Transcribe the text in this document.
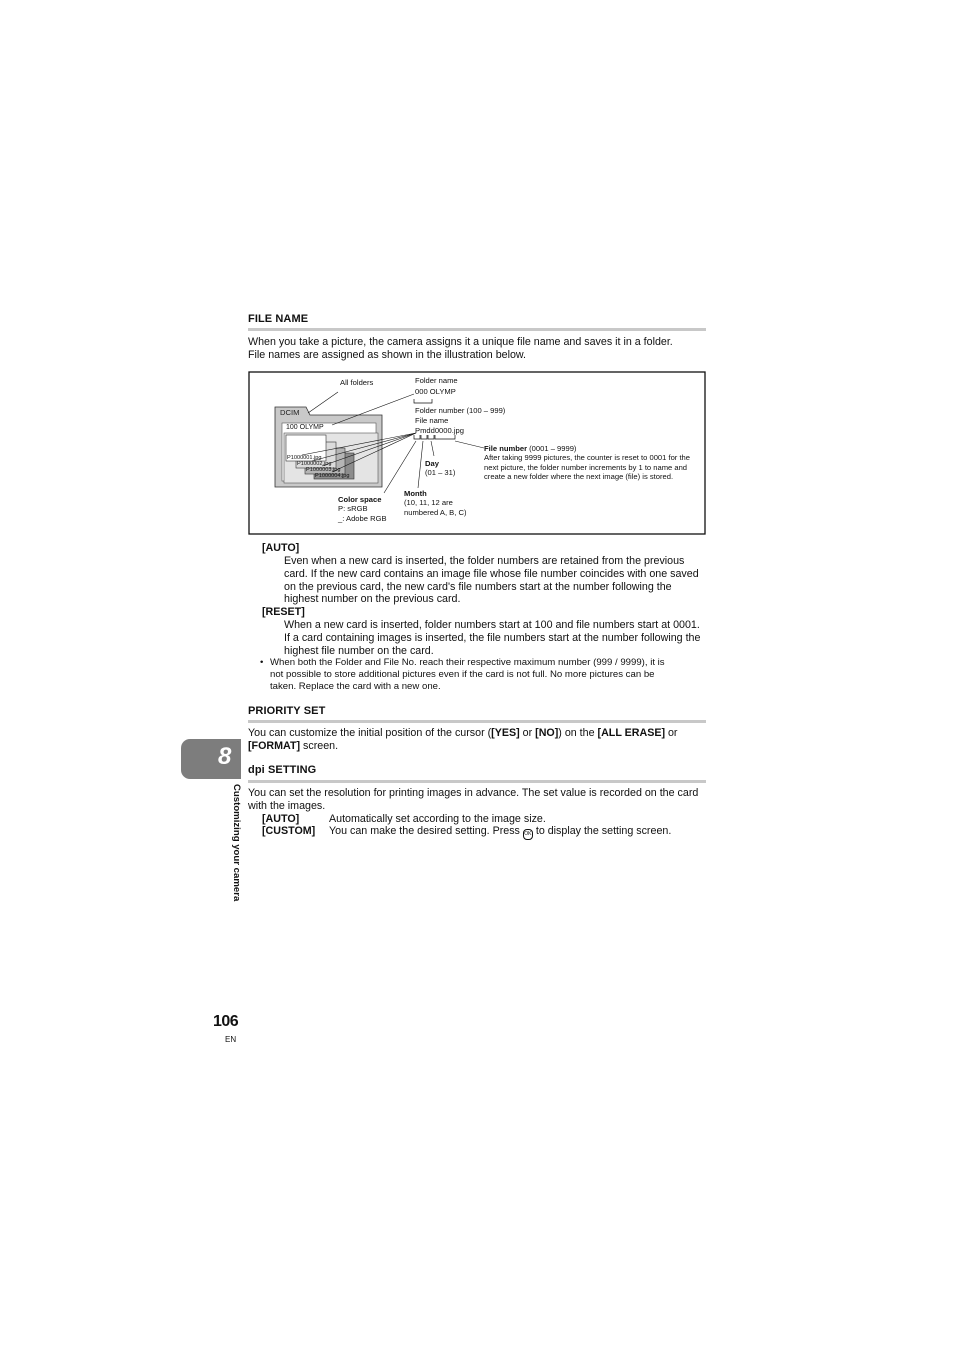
FILE NAME
When you take a picture, the camera assigns it a unique file name and saves it in a folder.
File names are assigned as shown in the illustration below.
All folders	Folder name
000 OLYMP
Folder number (100 – 999)
File name
Pmdd0000.jpg
DCIM
100 OLYMP
P1000001.jpg
P1000002.jpg
P1000003.jpg
P1000004.jpg
File number (0001 – 9999)
After taking 9999 pictures, the counter is reset to 0001 for the
next picture, the folder number increments by 1 to name and
create a new folder where the next image (file) is stored.
Day
(01 – 31)
Month
(10, 11, 12 are
numbered A, B, C)
Color space
P: sRGB
_: Adobe RGB
[AUTO]
Even when a new card is inserted, the folder numbers are retained from the previous
card. If the new card contains an image file whose file number coincides with one saved
on the previous card, the new card's file numbers start at the number following the
highest number on the previous card.
[RESET]
When a new card is inserted, folder numbers start at 100 and file numbers start at 0001.
If a card containing images is inserted, the file numbers start at the number following the
highest file number on the card.
• When both the Folder and File No. reach their respective maximum number (999 / 9999), it is
not possible to store additional pictures even if the card is not full. No more pictures can be
taken. Replace the card with a new one.
PRIORITY SET
You can customize the initial position of the cursor ([YES] or [NO]) on the [ALL ERASE] or
[FORMAT] screen.
dpi SETTING
You can set the resolution for printing images in advance. The set value is recorded on the card
with the images.
[AUTO]	Automatically set according to the image size.
[CUSTOM] You can make the desired setting. Press OK to display the setting screen.
8
Customizing your camera
106
EN
